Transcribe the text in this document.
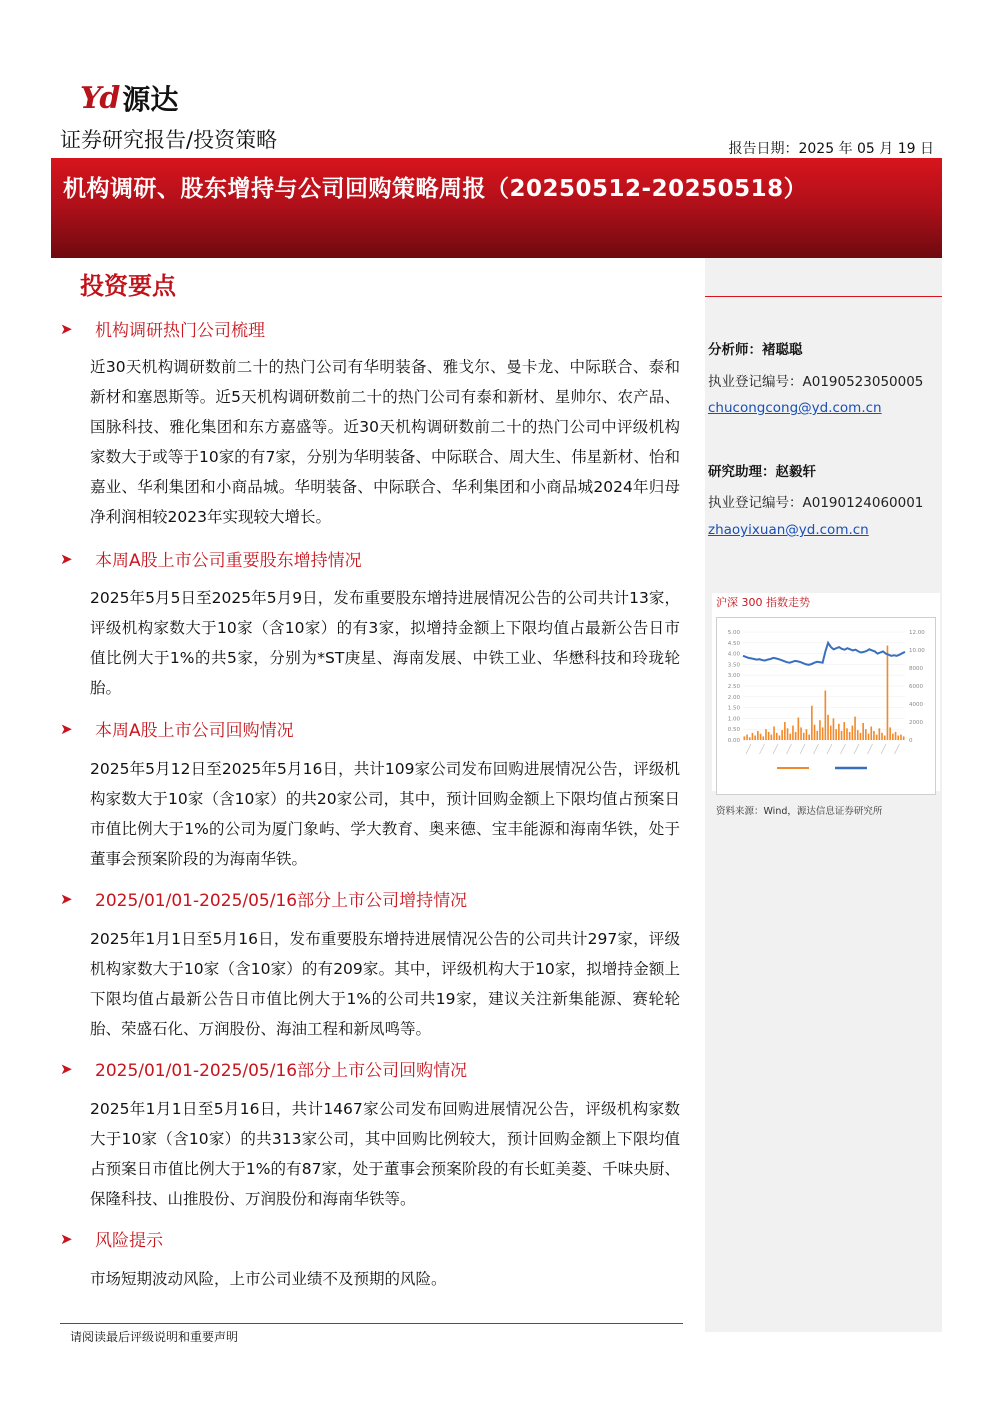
Yd 源达
证券研究报告/投资策略	报告日期：2025 年 05 月 19 日
机构调研、股东增持与公司回购策略周报（20250512-20250518）
投资要点
➤	机构调研热门公司梳理
近30天机构调研数前二十的热门公司有华明装备、雅戈尔、曼卡龙、中际联合、泰和新材和塞恩斯等。近5天机构调研数前二十的热门公司有泰和新材、星帅尔、农产品、国脉科技、雅化集团和东方嘉盛等。近30天机构调研数前二十的热门公司中评级机构家数大于或等于10家的有7家，分别为华明装备、中际联合、周大生、伟星新材、怡和嘉业、华利集团和小商品城。华明装备、中际联合、华利集团和小商品城2024年归母净利润相较2023年实现较大增长。
➤	本周A股上市公司重要股东增持情况
2025年5月5日至2025年5月9日，发布重要股东增持进展情况公告的公司共计13家，评级机构家数大于10家（含10家）的有3家，拟增持金额上下限均值占最新公告日市值比例大于1%的共5家，分别为*ST庚星、海南发展、中铁工业、华懋科技和玲珑轮胎。
➤	本周A股上市公司回购情况
2025年5月12日至2025年5月16日，共计109家公司发布回购进展情况公告，评级机构家数大于10家（含10家）的共20家公司，其中，预计回购金额上下限均值占预案日市值比例大于1%的公司为厦门象屿、学大教育、奥来德、宝丰能源和海南华铁，处于董事会预案阶段的为海南华铁。
➤	2025/01/01-2025/05/16部分上市公司增持情况
2025年1月1日至5月16日，发布重要股东增持进展情况公告的公司共计297家，评级机构家数大于10家（含10家）的有209家。其中，评级机构大于10家，拟增持金额上下限均值占最新公告日市值比例大于1%的公司共19家，建议关注新集能源、赛轮轮胎、荣盛石化、万润股份、海油工程和新凤鸣等。
➤	2025/01/01-2025/05/16部分上市公司回购情况
2025年1月1日至5月16日，共计1467家公司发布回购进展情况公告，评级机构家数大于10家（含10家）的共313家公司，其中回购比例较大，预计回购金额上下限均值占预案日市值比例大于1%的有87家，处于董事会预案阶段的有长虹美菱、千味央厨、保隆科技、山推股份、万润股份和海南华铁等。
➤	风险提示
市场短期波动风险，上市公司业绩不及预期的风险。
分析师：褚聪聪
执业登记编号：A0190523050005
chucongcong@yd.com.cn
研究助理：赵毅轩
执业登记编号：A0190124060001
zhaoyixuan@yd.com.cn
沪深 300 指数走势
5.00
4.50
4.00
3.50
3.00
2.50
2.00
1.50
1.00
0.50
0.00
12.00
10.00
8000
6000
4000
2000
0
资料来源：Wind，源达信息证券研究所
请阅读最后评级说明和重要声明
